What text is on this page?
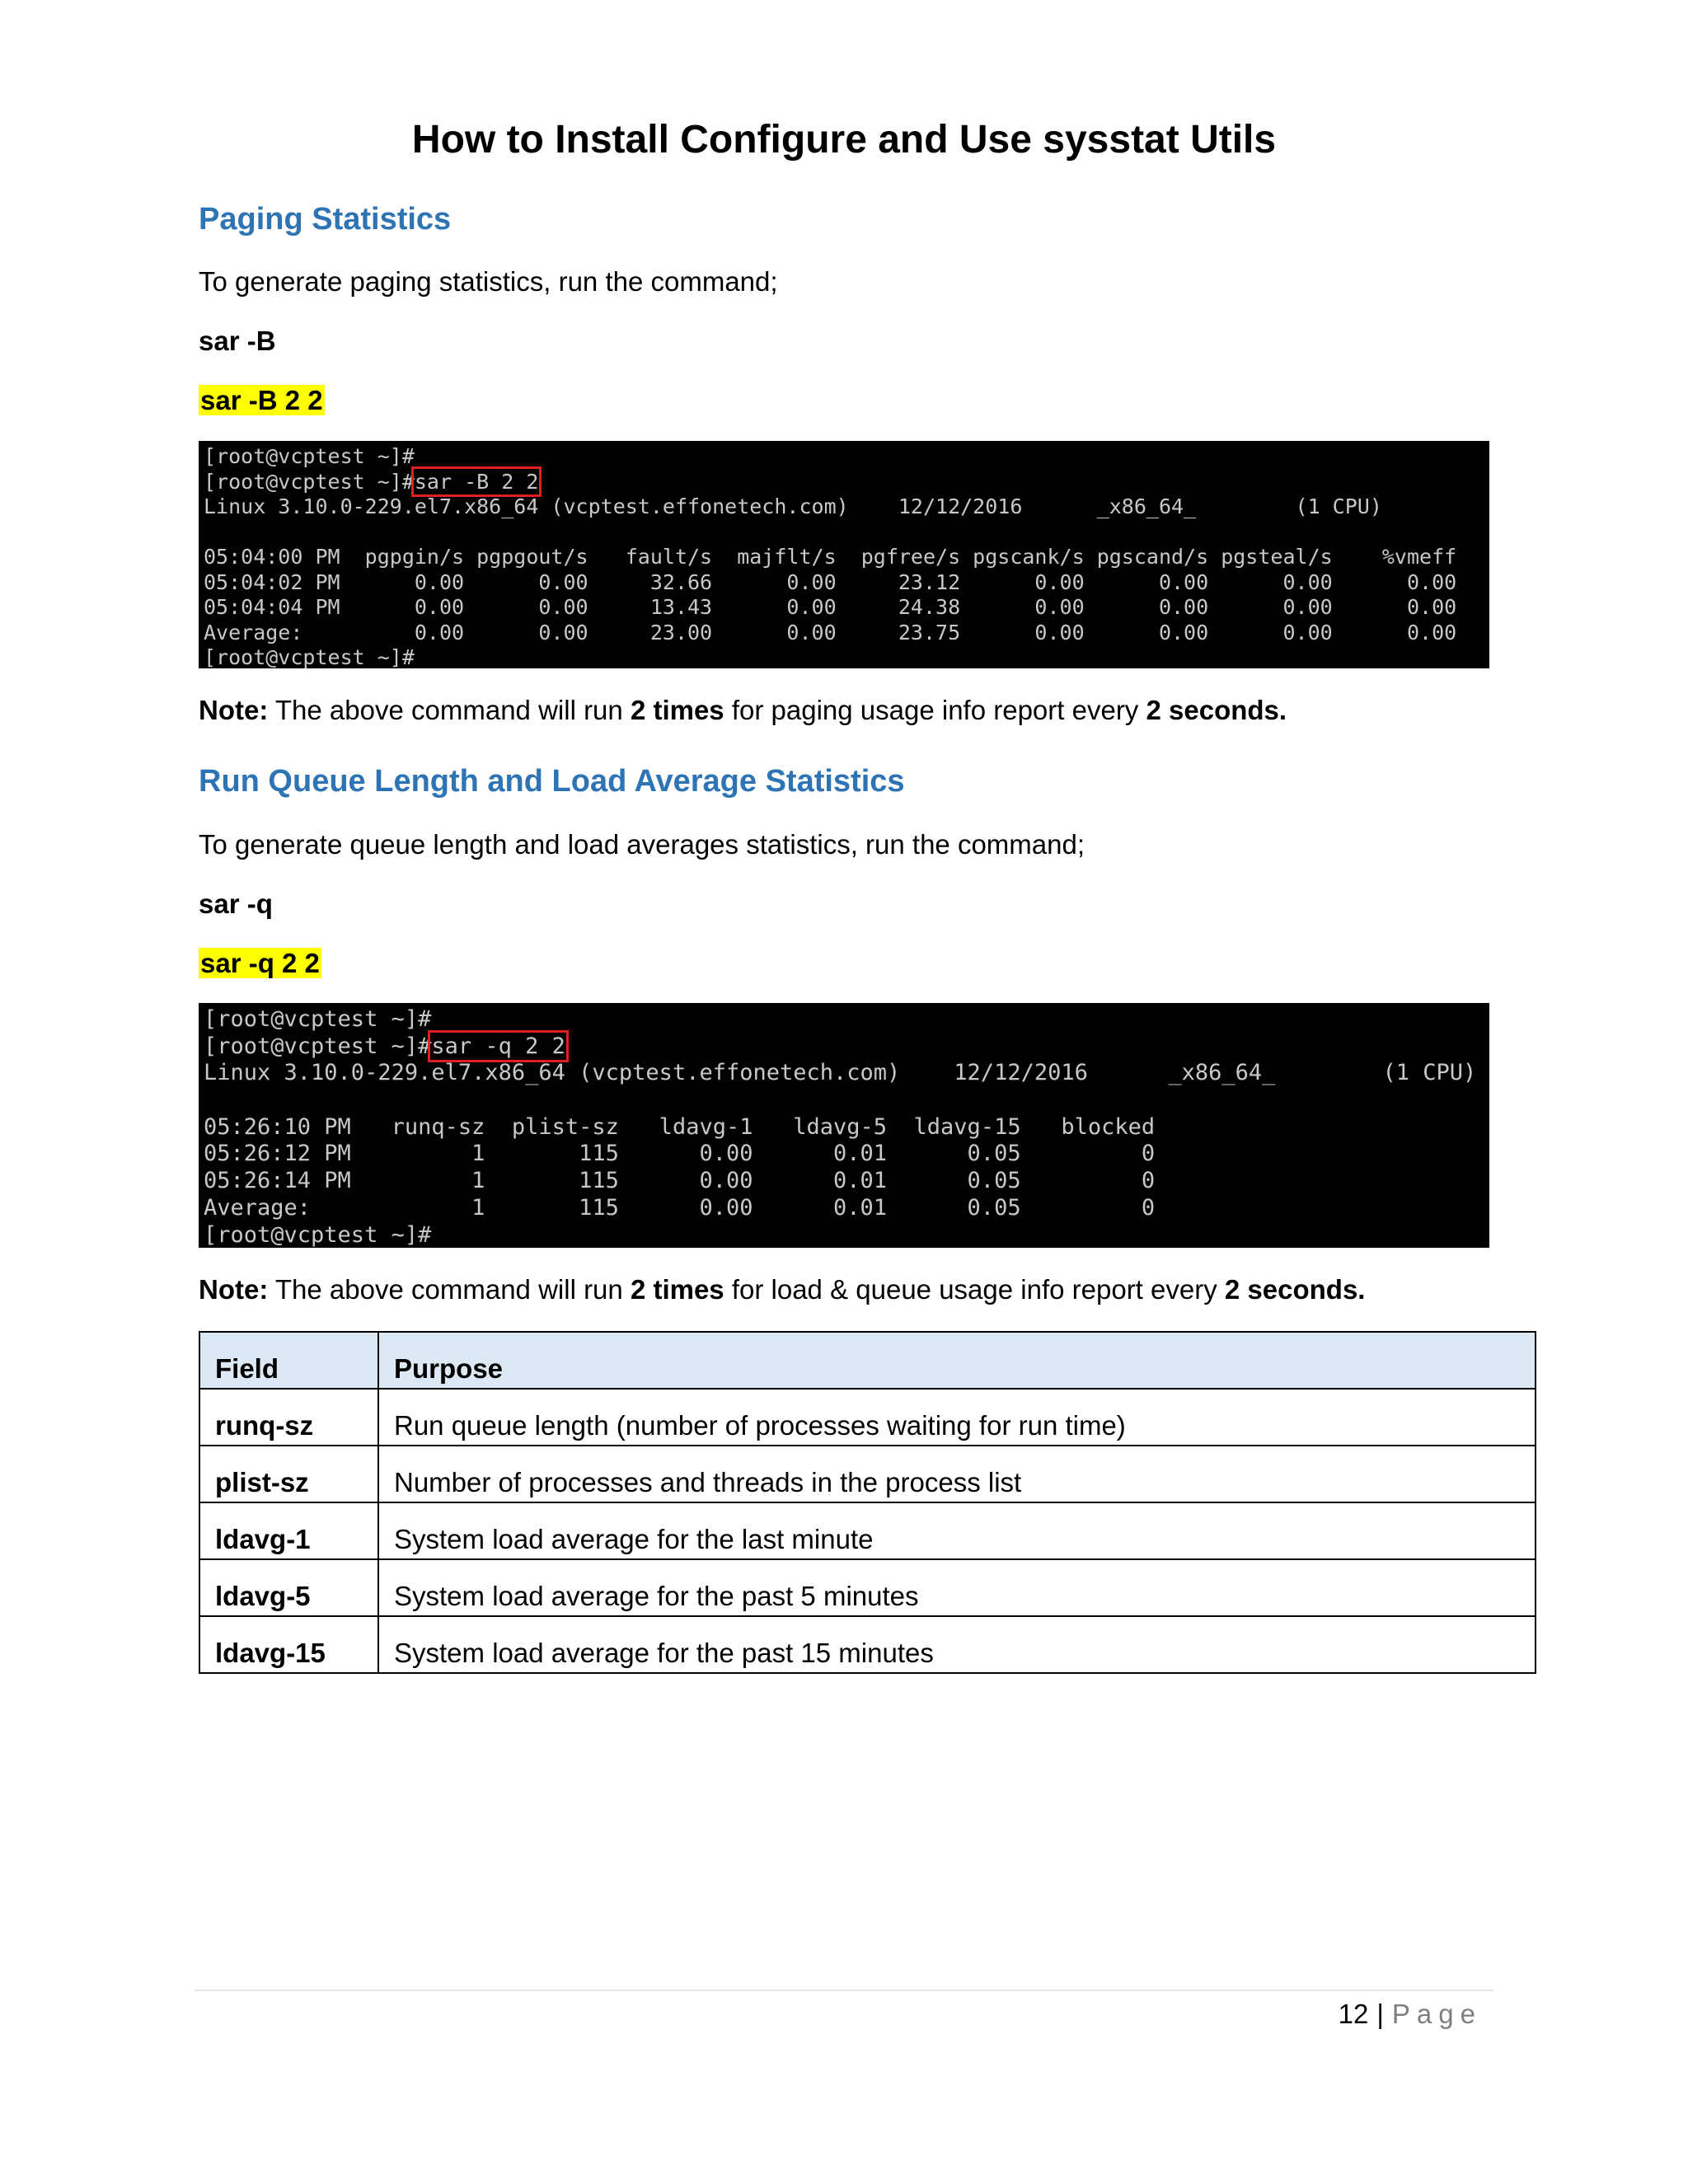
How to Install Configure and Use sysstat Utils
Paging Statistics

To generate paging statistics, run the command;

sar -B

sar -B 2 2

[root@vcptest ~]#
[root@vcptest ~]#sar -B 2 2
Linux 3.10.0-229.el7.x86_64 (vcptest.effonetech.com)    12/12/2016      _x86_64_        (1 CPU)
05:04:00 PM  pgpgin/s pgpgout/s   fault/s  majflt/s  pgfree/s pgscank/s pgscand/s pgsteal/s    %vmeff
05:04:02 PM      0.00      0.00     32.66      0.00     23.12      0.00      0.00      0.00      0.00
05:04:04 PM      0.00      0.00     13.43      0.00     24.38      0.00      0.00      0.00      0.00
Average:         0.00      0.00     23.00      0.00     23.75      0.00      0.00      0.00      0.00
[root@vcptest ~]#

Note: The above command will run 2 times for paging usage info report every 2 seconds.

Run Queue Length and Load Average Statistics

To generate queue length and load averages statistics, run the command;

sar -q

sar -q 2 2

[root@vcptest ~]#
[root@vcptest ~]#sar -q 2 2
Linux 3.10.0-229.el7.x86_64 (vcptest.effonetech.com)    12/12/2016      _x86_64_        (1 CPU)
05:26:10 PM   runq-sz  plist-sz   ldavg-1   ldavg-5  ldavg-15   blocked
05:26:12 PM         1       115      0.00      0.01      0.05         0
05:26:14 PM         1       115      0.00      0.01      0.05         0
Average:            1       115      0.00      0.01      0.05         0
[root@vcptest ~]#

Note: The above command will run 2 times for load & queue usage info report every 2 seconds.

Field	Purpose
runq-sz	Run queue length (number of processes waiting for run time)
plist-sz	Number of processes and threads in the process list
ldavg-1	System load average for the last minute
ldavg-5	System load average for the past 5 minutes
ldavg-15	System load average for the past 15 minutes
12 | Page
